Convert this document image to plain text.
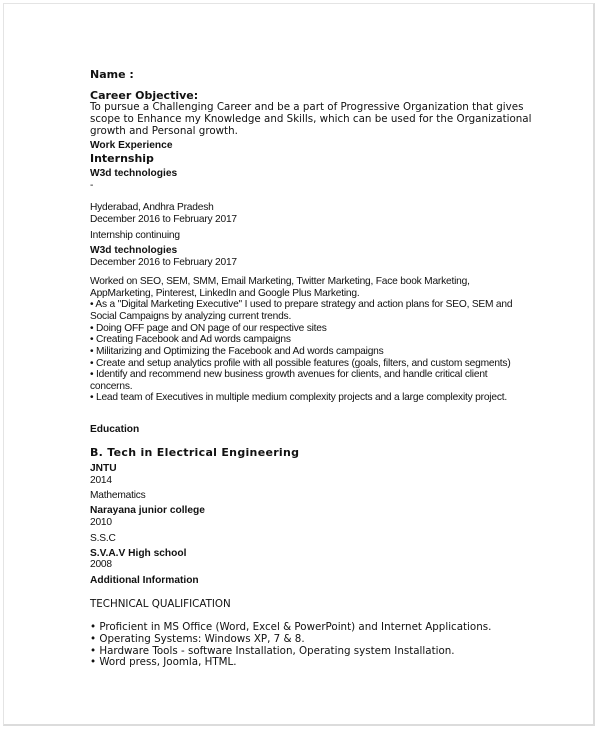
Name :
Career Objective:
To pursue a Challenging Career and be a part of Progressive Organization that gives
scope to Enhance my Knowledge and Skills, which can be used for the Organizational
growth and Personal growth.
Work Experience
Internship
W3d technologies
-
Hyderabad, Andhra Pradesh
December 2016 to February 2017
Internship continuing
W3d technologies
December 2016 to February 2017
Worked on SEO, SEM, SMM, Email Marketing, Twitter Marketing, Face book Marketing,
AppMarketing, Pinterest, LinkedIn and Google Plus Marketing.
• As a "Digital Marketing Executive" I used to prepare strategy and action plans for SEO, SEM and
Social Campaigns by analyzing current trends.
• Doing OFF page and ON page of our respective sites
• Creating Facebook and Ad words campaigns
• Militarizing and Optimizing the Facebook and Ad words campaigns
• Create and setup analytics profile with all possible features (goals, filters, and custom segments)
• Identify and recommend new business growth avenues for clients, and handle critical client
concerns.
• Lead team of Executives in multiple medium complexity projects and a large complexity project.
Education
B. Tech in Electrical Engineering
JNTU
2014
Mathematics
Narayana junior college
2010
S.S.C
S.V.A.V High school
2008
Additional Information
TECHNICAL QUALIFICATION
• Proficient in MS Office (Word, Excel & PowerPoint) and Internet Applications.
• Operating Systems: Windows XP, 7 & 8.
• Hardware Tools - software Installation, Operating system Installation.
• Word press, Joomla, HTML.
